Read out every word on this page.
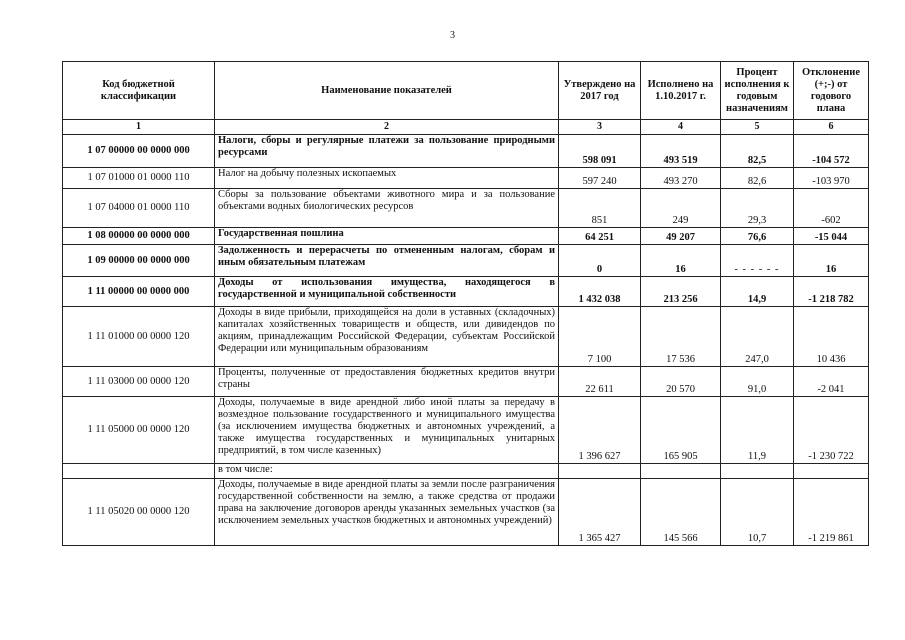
3
Код бюджетной классификации	Наименование показателей	Утверждено на 2017 год	Исполнено на 1.10.2017 г.	Процент исполнения к годовым назначениям	Отклонение (+;-) от годового плана
1	2	3	4	5	6
1 07 00000 00 0000 000	Налоги, сборы и регулярные платежи за пользование природными ресурсами	598 091	493 519	82,5	-104 572
1 07 01000 01 0000 110	Налог на добычу полезных ископаемых	597 240	493 270	82,6	-103 970
1 07 04000 01 0000 110	Сборы за пользование объектами животного мира и за пользование объектами водных биологических ресурсов	851	249	29,3	-602
1 08 00000 00 0000 000	Государственная пошлина	64 251	49 207	76,6	-15 044
1 09 00000 00 0000 000	Задолженность и перерасчеты по отмененным налогам, сборам и иным обязательным платежам	0	16	- - - - - -	16
1 11 00000 00 0000 000	Доходы от использования имущества, находящегося в государственной и муниципальной собственности	1 432 038	213 256	14,9	-1 218 782
1 11 01000 00 0000 120	Доходы в виде прибыли, приходящейся на доли в уставных (складочных) капиталах хозяйственных товариществ и обществ, или дивидендов по акциям, принадлежащим Российской Федерации, субъектам Российской Федерации или муниципальным образованиям	7 100	17 536	247,0	10 436
1 11 03000 00 0000 120	Проценты, полученные от предоставления бюджетных кредитов внутри страны	22 611	20 570	91,0	-2 041
1 11 05000 00 0000 120	Доходы, получаемые в виде арендной либо иной платы за передачу в возмездное пользование государственного и муниципального имущества (за исключением имущества бюджетных и автономных учреждений, а также имущества государственных и муниципальных унитарных предприятий, в том числе казенных)	1 396 627	165 905	11,9	-1 230 722
	в том числе:				
1 11 05020 00 0000 120	Доходы, получаемые в виде арендной платы за земли после разграничения государственной собственности на землю, а также средства от продажи права на заключение договоров аренды указанных земельных участков (за исключением земельных участков бюджетных и автономных учреждений)	1 365 427	145 566	10,7	-1 219 861
